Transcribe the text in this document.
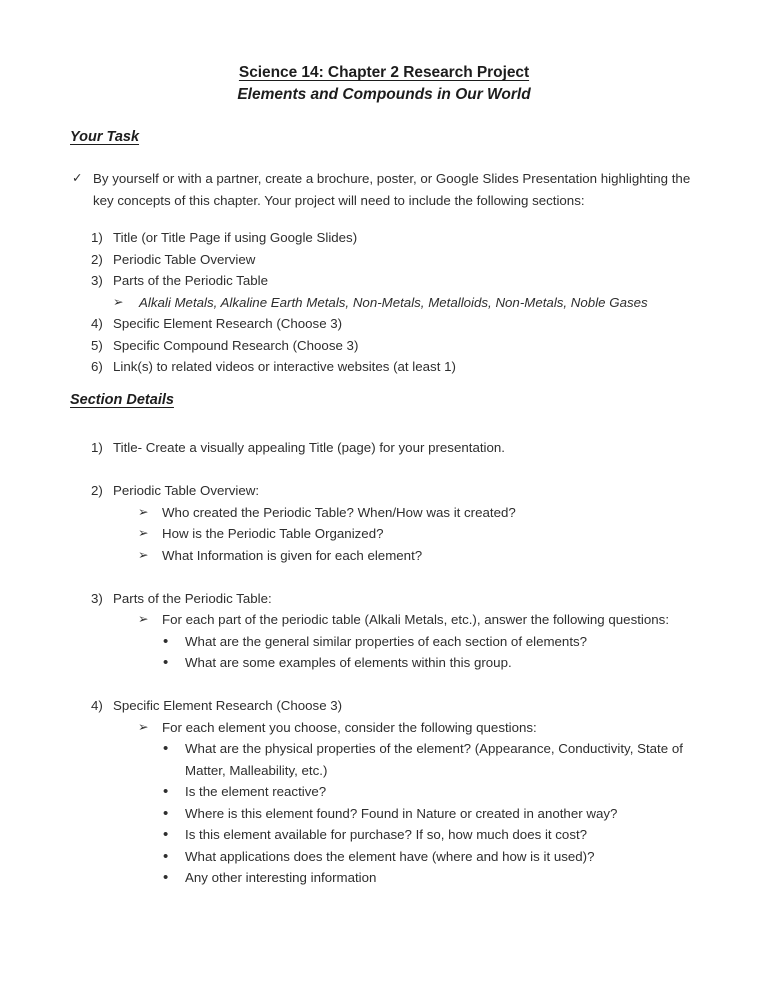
Science 14: Chapter 2 Research Project
Elements and Compounds in Our World
Your Task
✓ By yourself or with a partner, create a brochure, poster, or Google Slides Presentation highlighting the key concepts of this chapter. Your project will need to include the following sections:
1) Title (or Title Page if using Google Slides)
2) Periodic Table Overview
3) Parts of the Periodic Table
➢	Alkali Metals, Alkaline Earth Metals, Non-Metals, Metalloids, Non-Metals, Noble Gases
4) Specific Element Research (Choose 3)
5) Specific Compound Research (Choose 3)
6) Link(s) to related videos or interactive websites (at least 1)
Section Details
1) Title- Create a visually appealing Title (page) for your presentation.
2) Periodic Table Overview:
➢	Who created the Periodic Table? When/How was it created?
➢	How is the Periodic Table Organized?
➢	What Information is given for each element?
3) Parts of the Periodic Table:
➢	For each part of the periodic table (Alkali Metals, etc.), answer the following questions:
•	What are the general similar properties of each section of elements?
•	What are some examples of elements within this group.
4) Specific Element Research (Choose 3)
➢	For each element you choose, consider the following questions:
•	What are the physical properties of the element? (Appearance, Conductivity, State of Matter, Malleability, etc.)
•	Is the element reactive?
•	Where is this element found? Found in Nature or created in another way?
•	Is this element available for purchase? If so, how much does it cost?
•	What applications does the element have (where and how is it used)?
•	Any other interesting information
